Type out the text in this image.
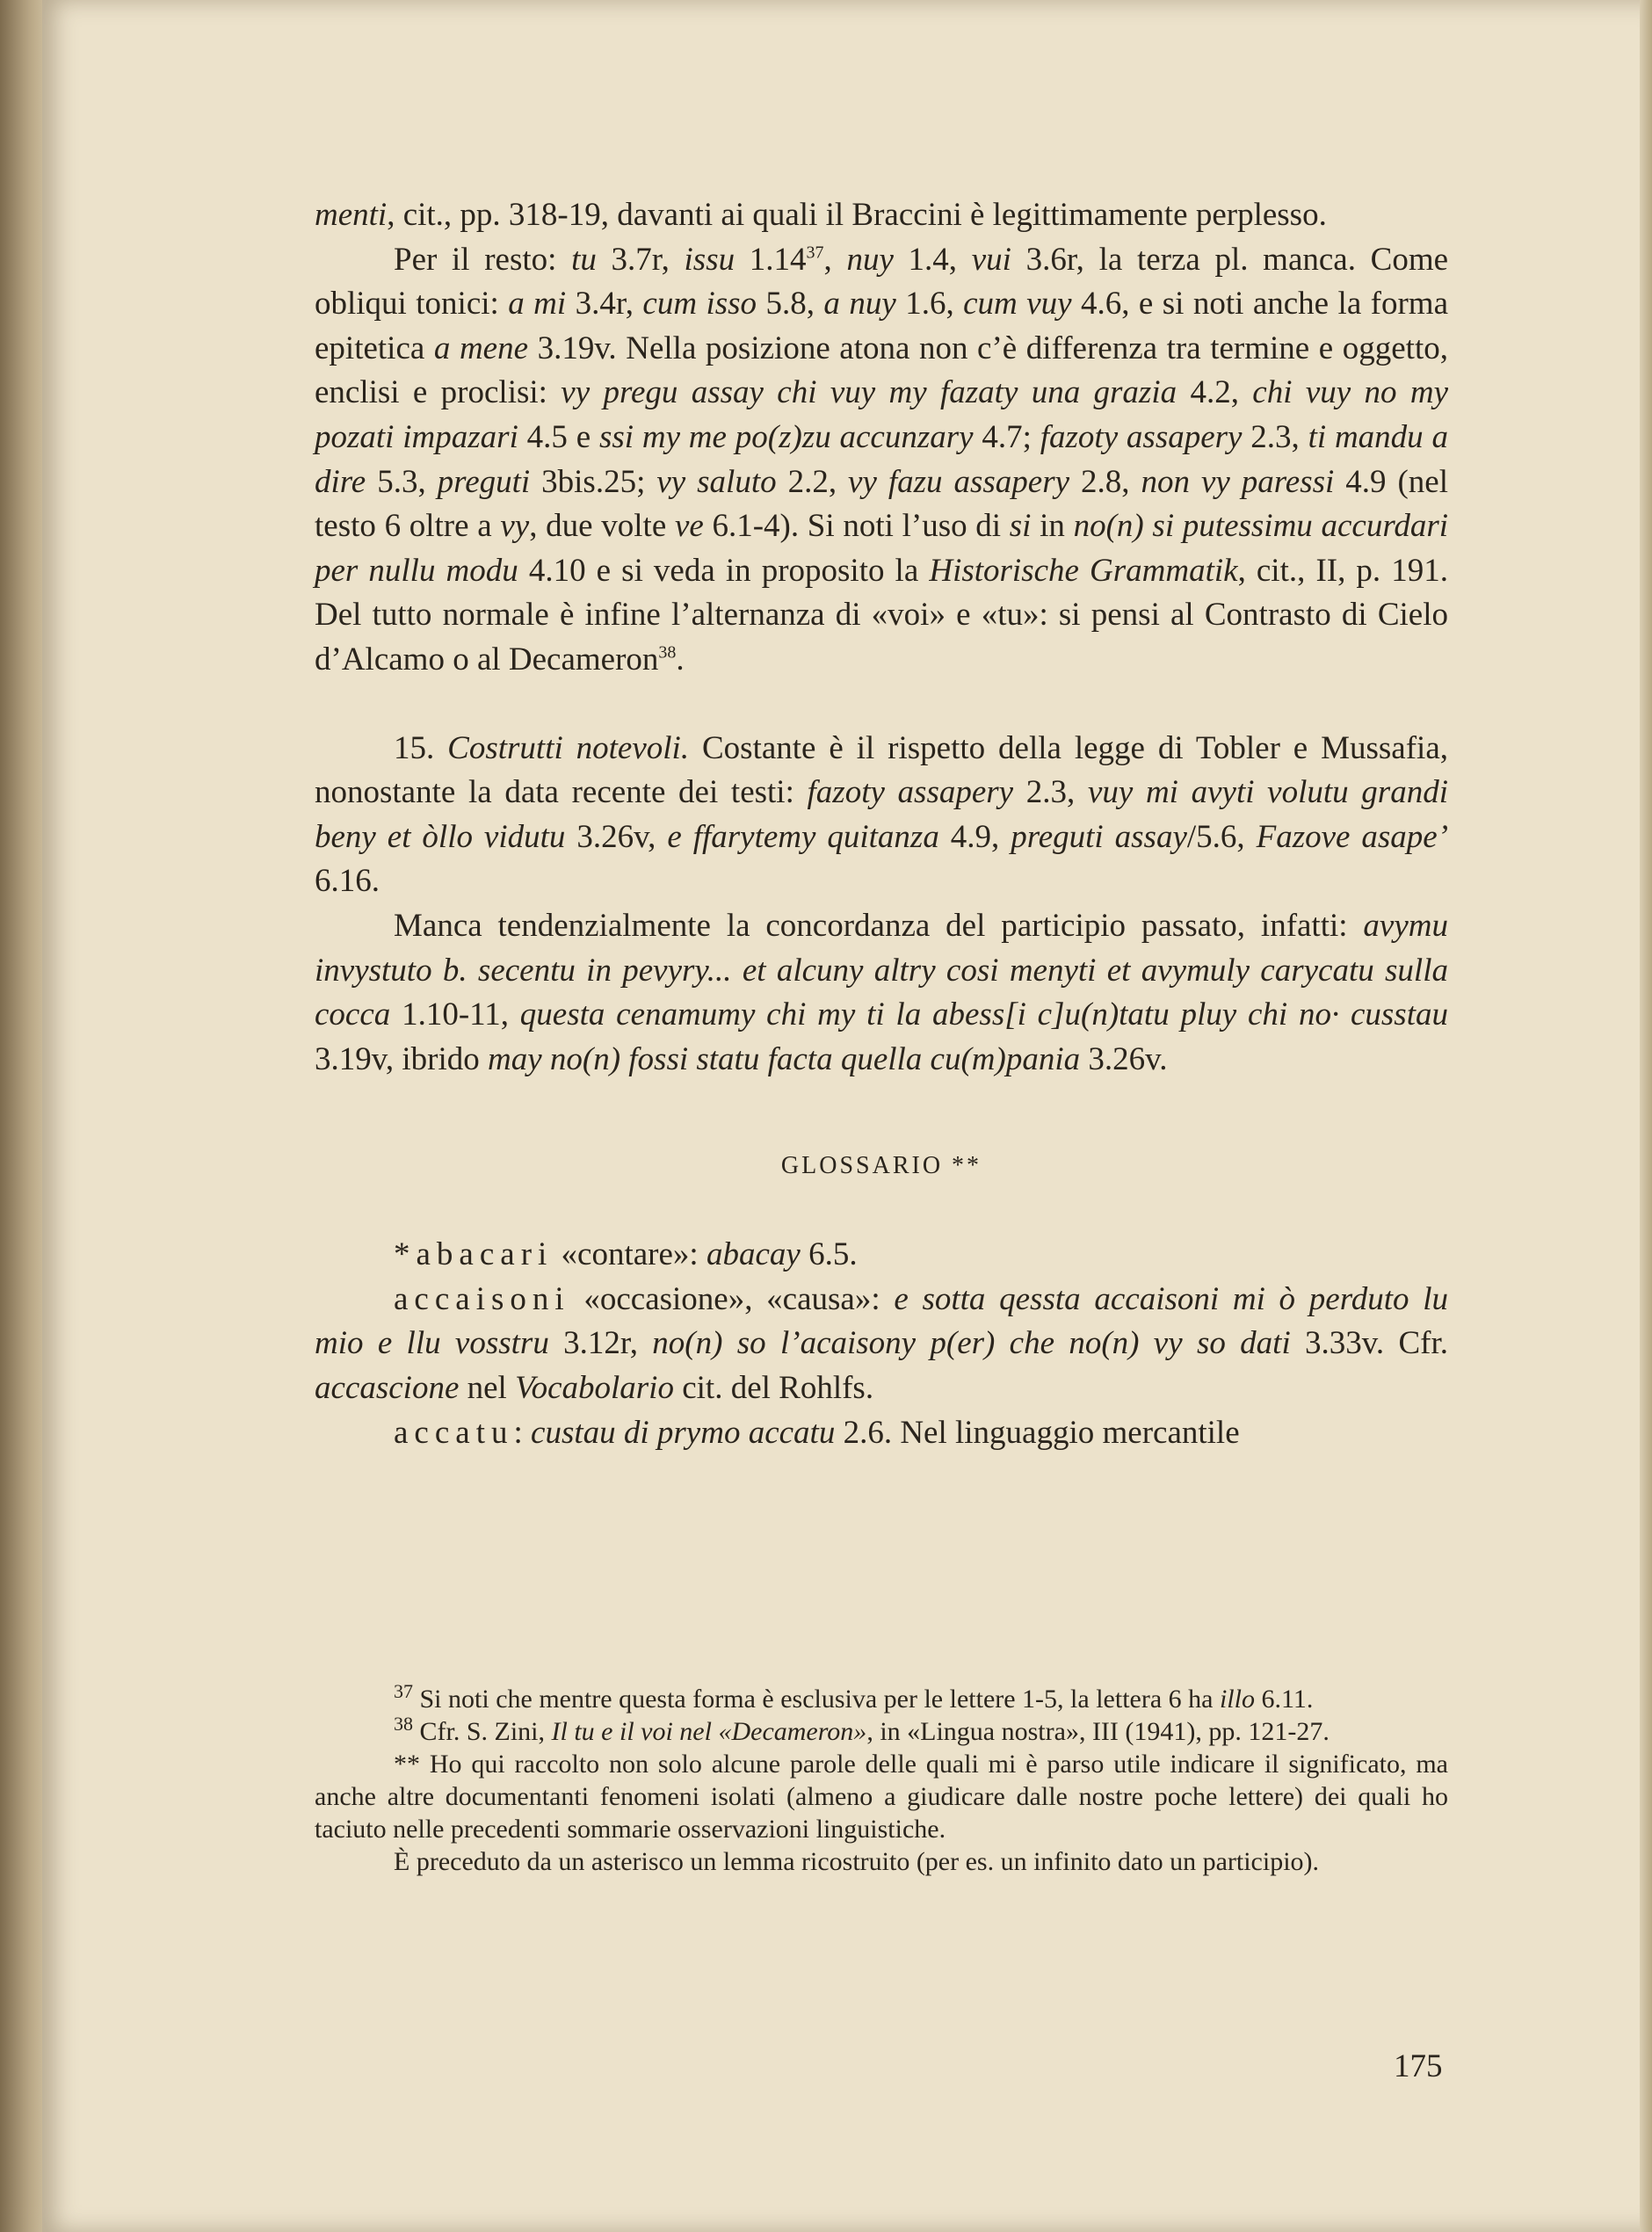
menti, cit., pp. 318-19, davanti ai quali il Braccini è legittimamente perplesso.

Per il resto: tu 3.7r, issu 1.14$^{37}$, nuy 1.4, vui 3.6r, la terza pl. manca. Come obliqui tonici: a mi 3.4r, cum isso 5.8, a nuy 1.6, cum vuy 4.6, e si noti anche la forma epitetica a mene 3.19v. Nella posizione atona non c’è differenza tra termine e oggetto, enclisi e proclisi: vy pregu assay chi vuy my fazaty una grazia 4.2, chi vuy no my pozati impazari 4.5 e ssi my me po(z)zu accunzary 4.7; fazoty assapery 2.3, ti mandu a dire 5.3, preguti 3bis.25; vy saluto 2.2, vy fazu assapery 2.8, non vy paressi 4.9 (nel testo 6 oltre a vy, due volte ve 6.1-4). Si noti l’uso di si in no(n) si putessimu accurdari per nullu modu 4.10 e si veda in proposito la Historische Grammatik, cit., II, p. 191. Del tutto normale è infine l’alternanza di «voi» e «tu»: si pensi al Contrasto di Cielo d’Alcamo o al Decameron$^{38}$.

15. Costrutti notevoli. Costante è il rispetto della legge di Tobler e Mussafia, nonostante la data recente dei testi: fazoty assapery 2.3, vuy mi avyti volutu grandi beny et òllo vidutu 3.26v, e ffarytemy quitanza 4.9, preguti assay/5.6, Fazove asape’ 6.16.

Manca tendenzialmente la concordanza del participio passato, infatti: avymu invystuto b. secentu in pevyry... et alcuny altry cosi menyti et avymuly carycatu sulla cocca 1.10-11, questa cenamumy chi my ti la abess[i c]u(n)tatu pluy chi no· cusstau 3.19v, ibrido may no(n) fossi statu facta quella cu(m)pania 3.26v.

GLOSSARIO **

*abacari «contare»: abacay 6.5.

accaisoni «occasione», «causa»: e sotta qessta accaisoni mi ò perduto lu mio e llu vosstru 3.12r, no(n) so l’acaisony p(er) che no(n) vy so dati 3.33v. Cfr. accascione nel Vocabolario cit. del Rohlfs.

accatu: custau di prymo accatu 2.6. Nel linguaggio mercantile

$^{37}$ Si noti che mentre questa forma è esclusiva per le lettere 1-5, la lettera 6 ha illo 6.11.

$^{38}$ Cfr. S. Zini, Il tu e il voi nel «Decameron», in «Lingua nostra», III (1941), pp. 121-27.

** Ho qui raccolto non solo alcune parole delle quali mi è parso utile indicare il significato, ma anche altre documentanti fenomeni isolati (almeno a giudicare dalle nostre poche lettere) dei quali ho taciuto nelle precedenti sommarie osservazioni linguistiche.

È preceduto da un asterisco un lemma ricostruito (per es. un infinito dato un participio).

175
